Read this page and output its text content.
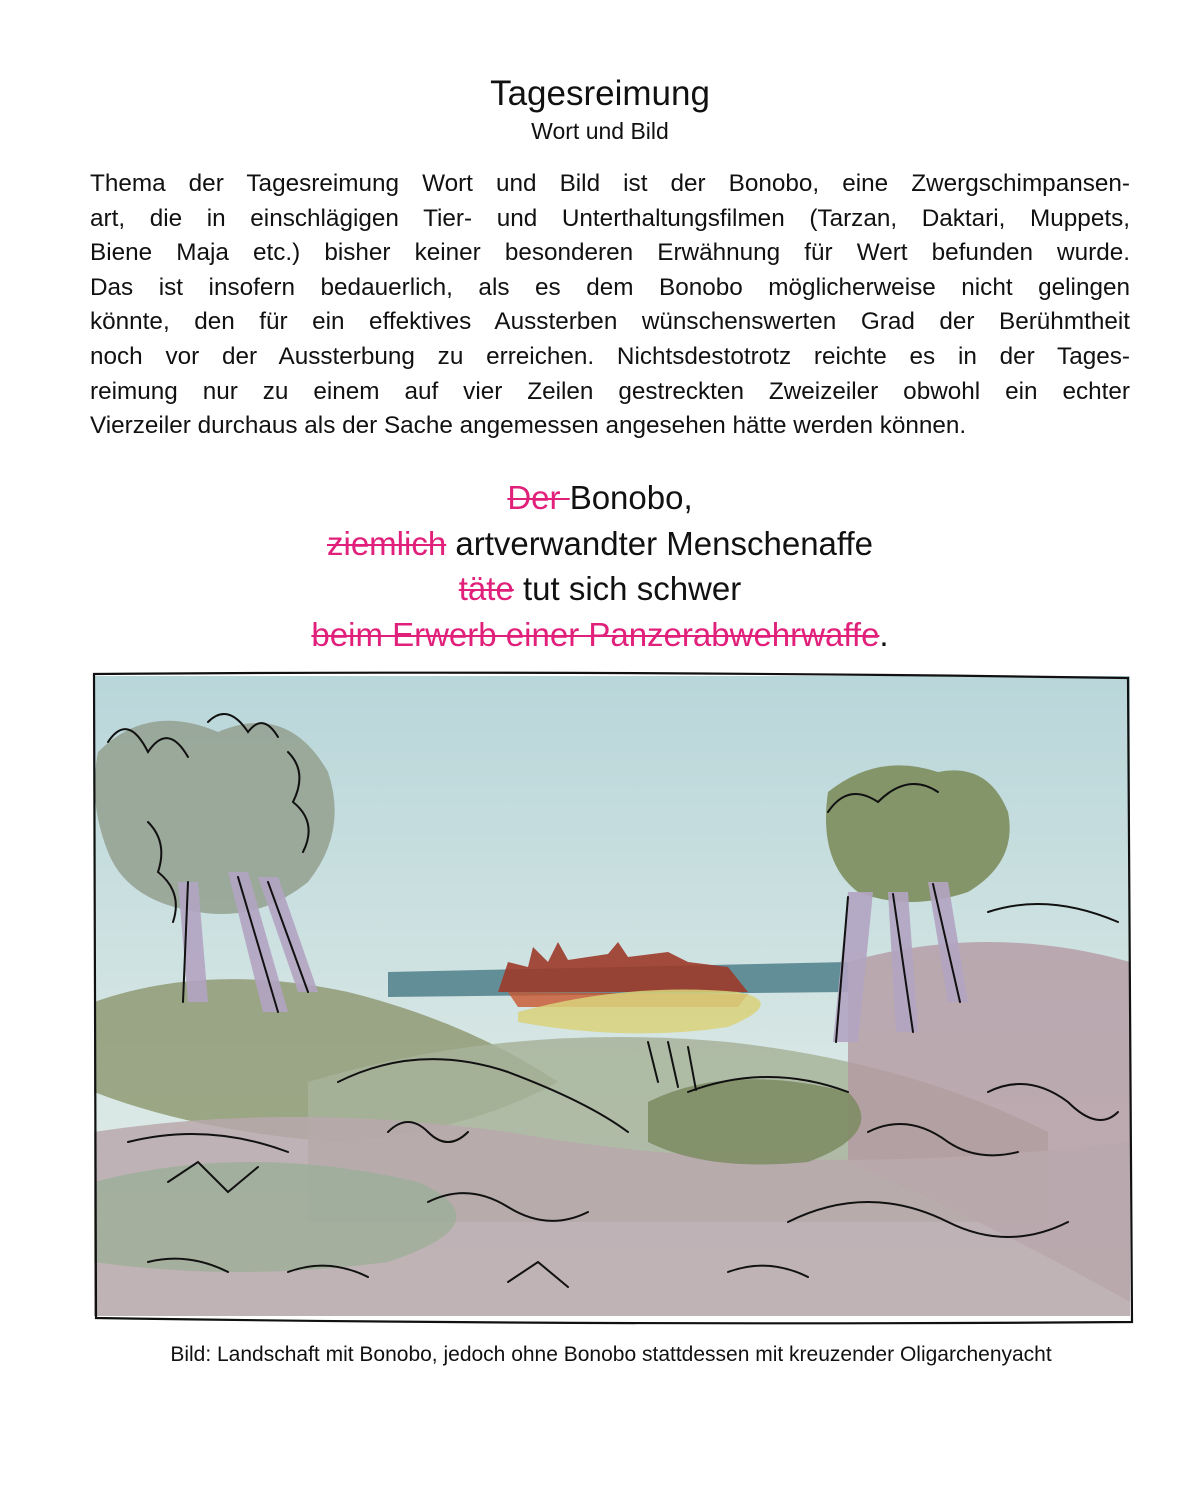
Tagesreimung
Wort und Bild
Thema der Tagesreimung Wort und Bild ist der Bonobo, eine Zwergschimpansen-
art, die in einschlägigen Tier- und Unterthaltungsfilmen (Tarzan, Daktari, Muppets,
Biene Maja etc.) bisher keiner besonderen Erwähnung für Wert befunden wurde.
Das ist insofern bedauerlich, als es dem Bonobo möglicherweise nicht gelingen
könnte, den für ein effektives Aussterben wünschenswerten Grad der Berühmtheit
noch vor der Aussterbung zu erreichen. Nichtsdestotrotz reichte es in der Tages-
reimung nur zu einem auf vier Zeilen gestreckten Zweizeiler obwohl ein echter
Vierzeiler durchaus als der Sache angemessen angesehen hätte werden können.
Der Bonobo,
ziemlich artverwandter Menschenaffe
täte tut sich schwer
beim Erwerb einer Panzerabwehrwaffe.
Bild: Landschaft mit Bonobo, jedoch ohne Bonobo stattdessen mit kreuzender Oligarchenyacht
